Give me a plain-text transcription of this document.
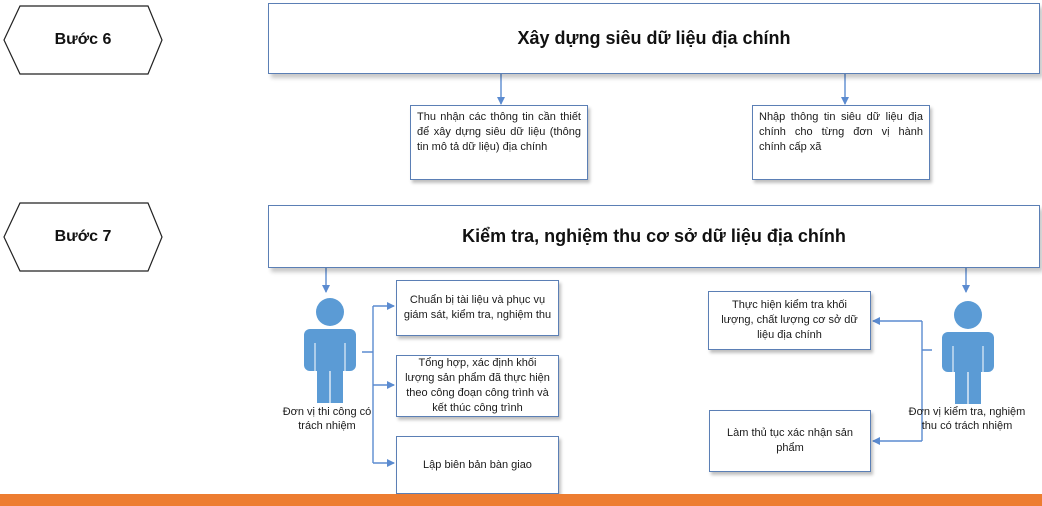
Bước 6	Xây dựng siêu dữ liệu địa chính
Thu nhận các thông tin cần thiết để xây dựng siêu dữ liệu (thông tin mô tả dữ liệu) địa chính
Nhập thông tin siêu dữ liệu địa chính cho từng đơn vị hành chính cấp xã
Bước 7	Kiểm tra, nghiệm thu cơ sở dữ liệu địa chính
Đơn vị thi công có trách nhiệm
Chuẩn bị tài liệu và phục vụ giám sát, kiểm tra, nghiệm thu
Tổng hợp, xác định khối lượng sản phẩm đã thực hiện theo công đoạn công trình và kết thúc công trình
Lập biên bản bàn giao
Thực hiện kiểm tra khối lượng, chất lượng cơ sở dữ liệu địa chính
Làm thủ tục xác nhận sản phẩm
Đơn vị kiểm tra, nghiệm thu có trách nhiệm
